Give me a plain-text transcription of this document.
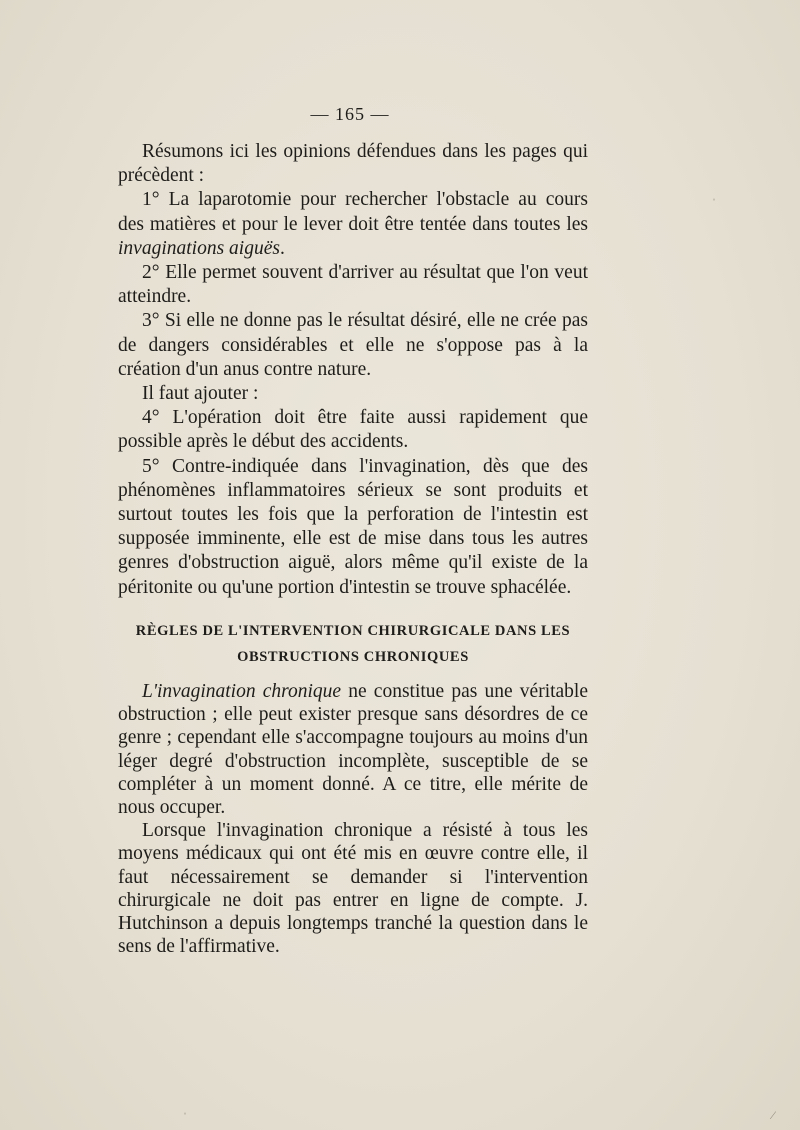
— 165 —

Résumons ici les opinions défendues dans les pages qui précèdent :

1° La laparotomie pour rechercher l'obstacle au cours des matières et pour le lever doit être tentée dans toutes les invaginations aiguës.

2° Elle permet souvent d'arriver au résultat que l'on veut atteindre.

3° Si elle ne donne pas le résultat désiré, elle ne crée pas de dangers considérables et elle ne s'oppose pas à la création d'un anus contre nature.

Il faut ajouter :

4° L'opération doit être faite aussi rapidement que possible après le début des accidents.

5° Contre-indiquée dans l'invagination, dès que des phénomènes inflammatoires sérieux se sont produits et surtout toutes les fois que la perforation de l'intestin est supposée imminente, elle est de mise dans tous les autres genres d'obstruction aiguë, alors même qu'il existe de la péritonite ou qu'une portion d'intestin se trouve sphacélée.

RÈGLES DE L'INTERVENTION CHIRURGICALE DANS LES
OBSTRUCTIONS CHRONIQUES

L'invagination chronique ne constitue pas une véritable obstruction ; elle peut exister presque sans désordres de ce genre ; cependant elle s'accompagne toujours au moins d'un léger degré d'obstruction incomplète, susceptible de se compléter à un moment donné. A ce titre, elle mérite de nous occuper.

Lorsque l'invagination chronique a résisté à tous les moyens médicaux qui ont été mis en œuvre contre elle, il faut nécessairement se demander si l'intervention chirurgicale ne doit pas entrer en ligne de compte. J. Hutchinson a depuis longtemps tranché la question dans le sens de l'affirmative.

ˈ
ˈ	⁄
